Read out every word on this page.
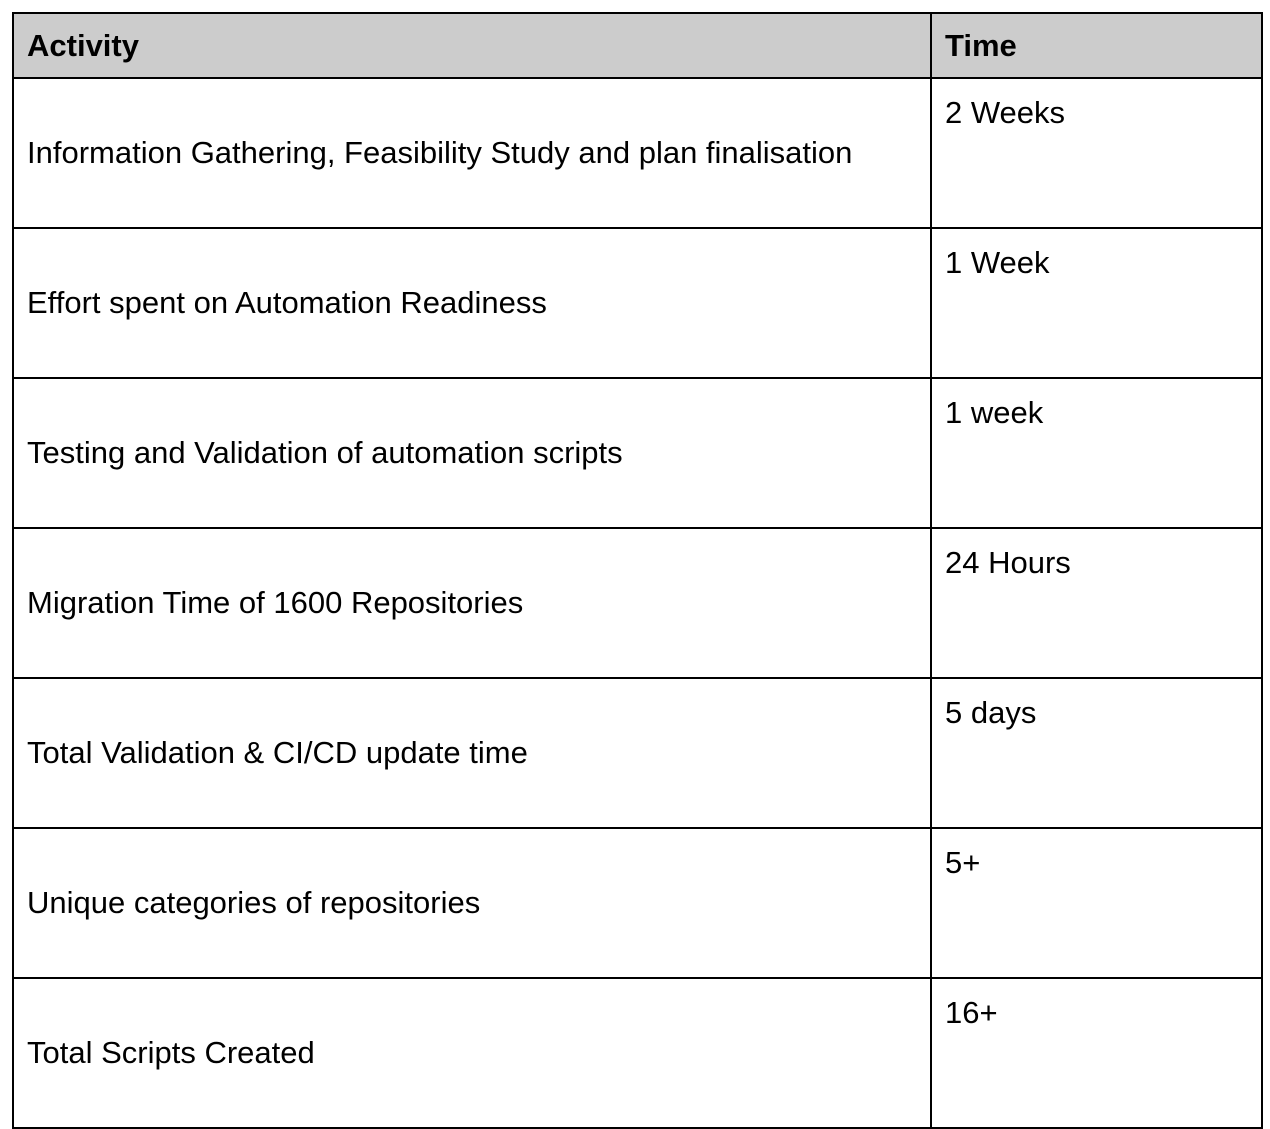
Activity	Time
Information Gathering, Feasibility Study and plan finalisation	2 Weeks
Effort spent on Automation Readiness	1 Week
Testing and Validation of automation scripts	1 week
Migration Time of 1600 Repositories	24 Hours
Total Validation & CI/CD update time	5 days
Unique categories of repositories	5+
Total Scripts Created	16+
